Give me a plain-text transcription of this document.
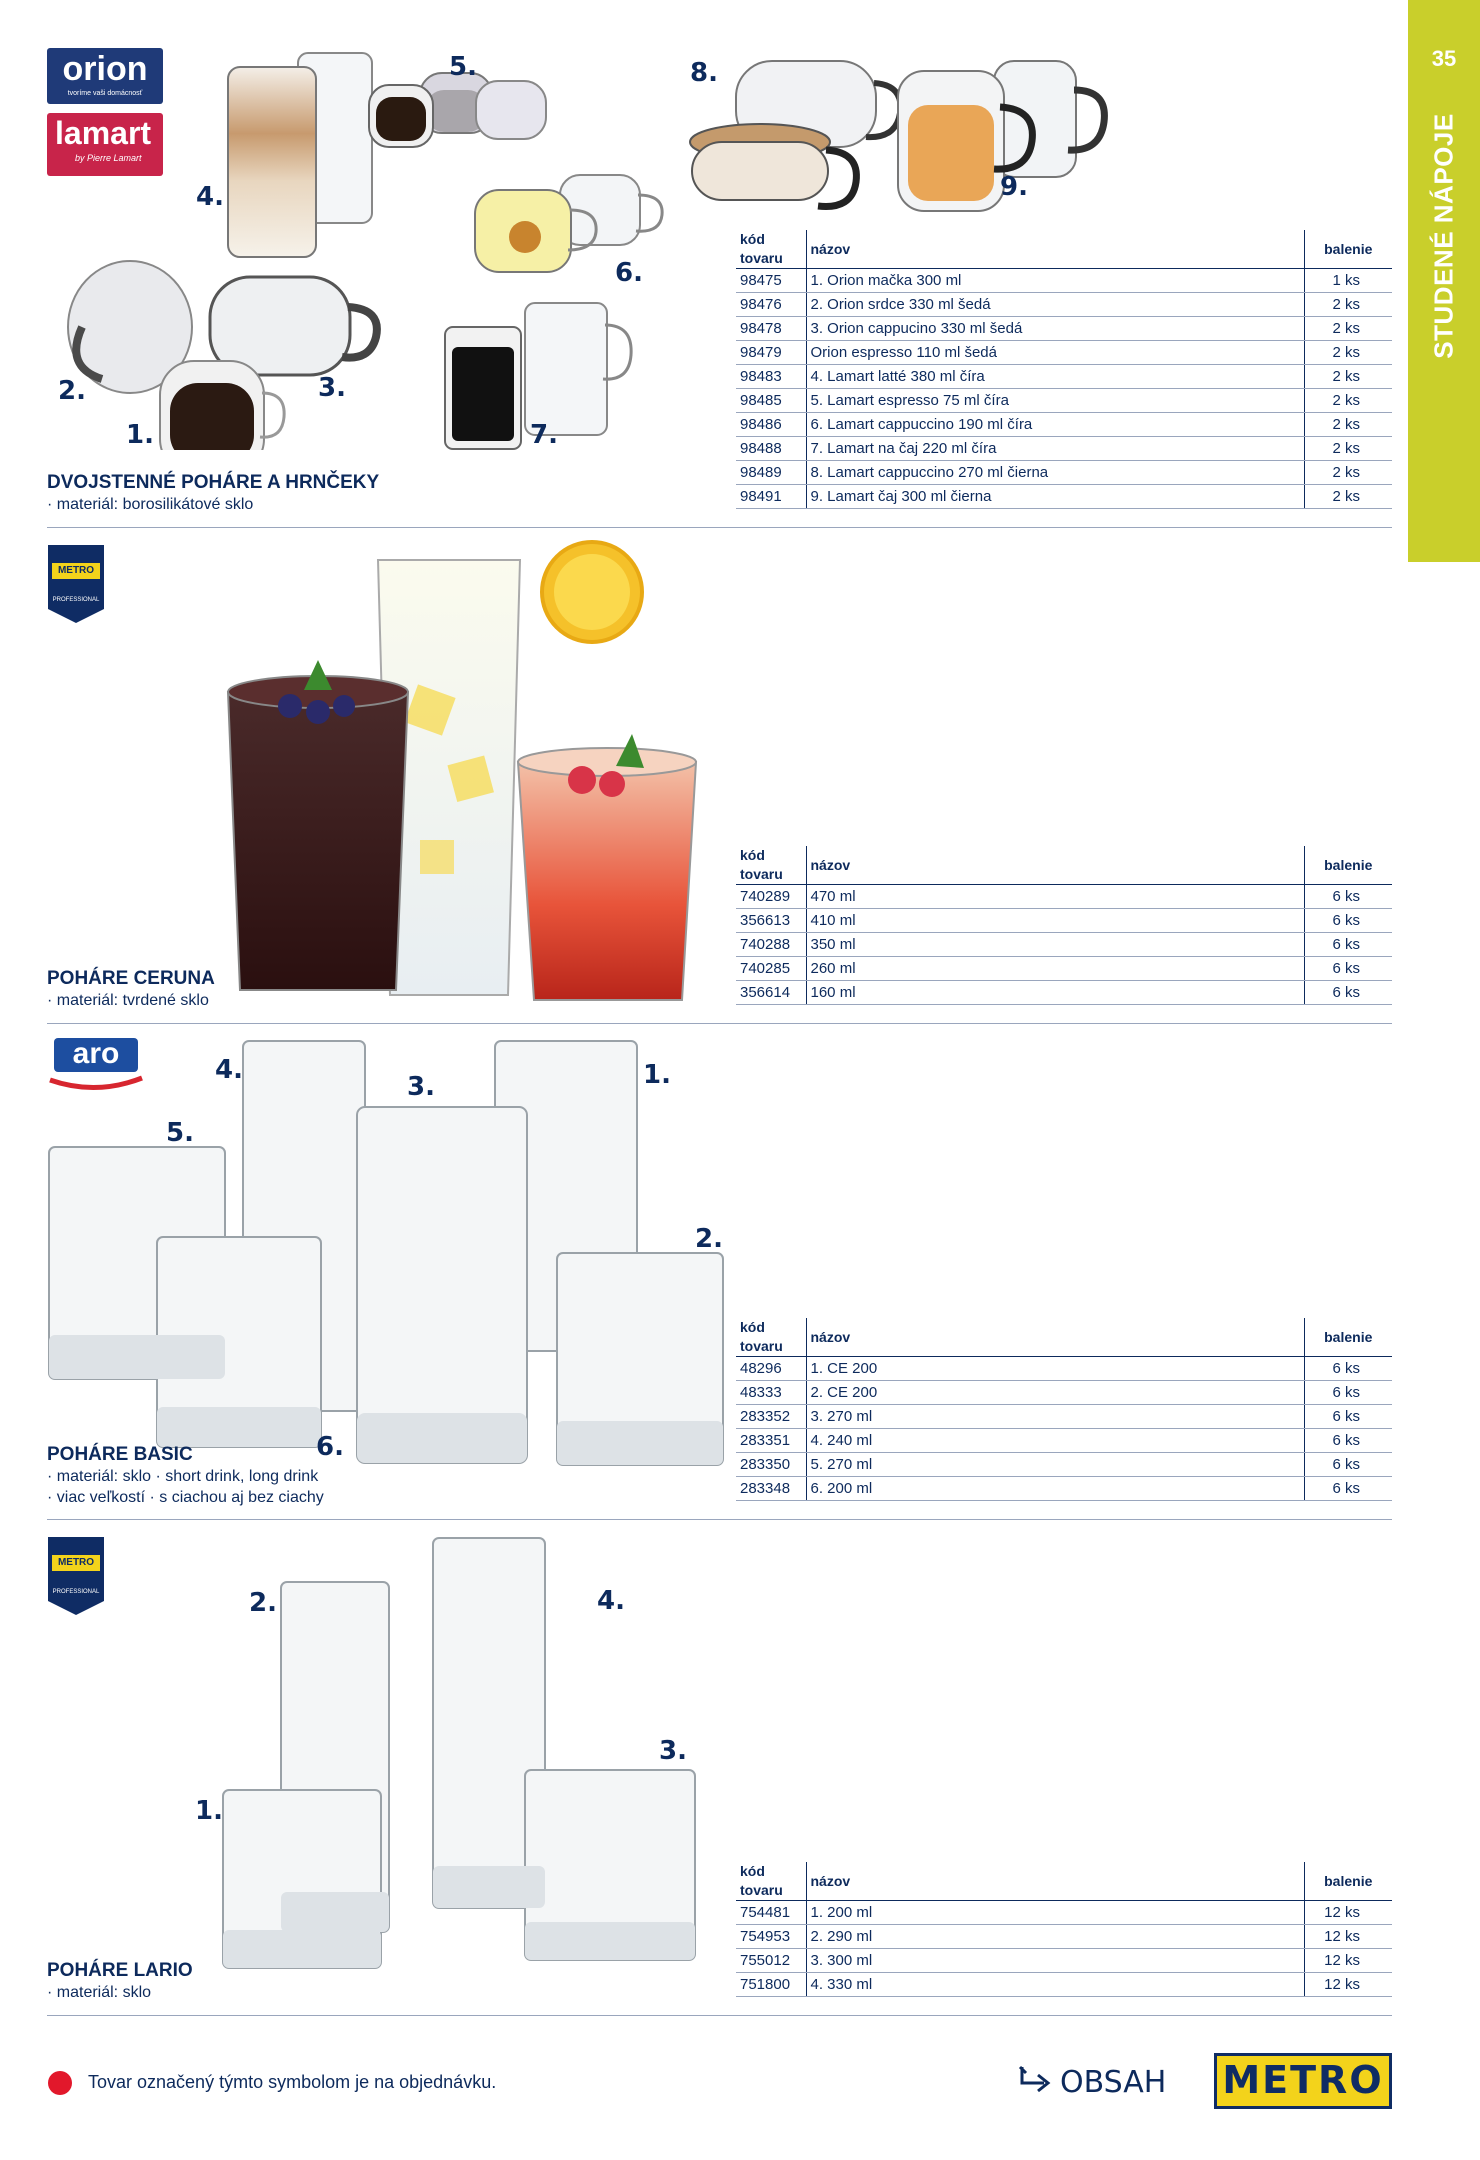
35
STUDENÉ NÁPOJE
orion
tvoríme vaši domácnosť
lamart
by Pierre Lamart
4.
5.	8.
9.
6.
2.	3.
1.	7.
DVOJSTENNÉ POHÁRE A HRNČEKY
· materiál: borosilikátové sklo
kód tovaru	názov	balenie
98475	1. Orion mačka 300 ml	1 ks
98476	2. Orion srdce 330 ml šedá	2 ks
98478	3. Orion cappucino 330 ml šedá	2 ks
98479	Orion espresso 110 ml šedá	2 ks
98483	4. Lamart latté 380 ml číra	2 ks
98485	5. Lamart espresso 75 ml číra	2 ks
98486	6. Lamart cappuccino 190 ml číra	2 ks
98488	7. Lamart na čaj 220 ml číra	2 ks
98489	8. Lamart cappuccino 270 ml čierna	2 ks
98491	9. Lamart čaj 300 ml čierna	2 ks
METRO
PROFESSIONAL
POHÁRE CERUNA
· materiál: tvrdené sklo
kód tovaru	názov	balenie
740289	470 ml	6 ks
356613	410 ml	6 ks
740288	350 ml	6 ks
740285	260 ml	6 ks
356614	160 ml	6 ks
aro	4.
3.	1.
5.
2.
6.
POHÁRE BASIC
· materiál: sklo · short drink, long drink
· viac veľkostí · s ciachou aj bez ciachy
kód tovaru	názov	balenie
48296	1. CE 200	6 ks
48333	2. CE 200	6 ks
283352	3. 270 ml	6 ks
283351	4. 240 ml	6 ks
283350	5. 270 ml	6 ks
283348	6. 200 ml	6 ks
METRO
PROFESSIONAL	2.	4.
3.
1.
POHÁRE LARIO
· materiál: sklo
kód tovaru	názov	balenie
754481	1. 200 ml	12 ks
754953	2. 290 ml	12 ks
755012	3. 300 ml	12 ks
751800	4. 330 ml	12 ks
Tovar označený týmto symbolom je na objednávku.	OBSAH METRO
